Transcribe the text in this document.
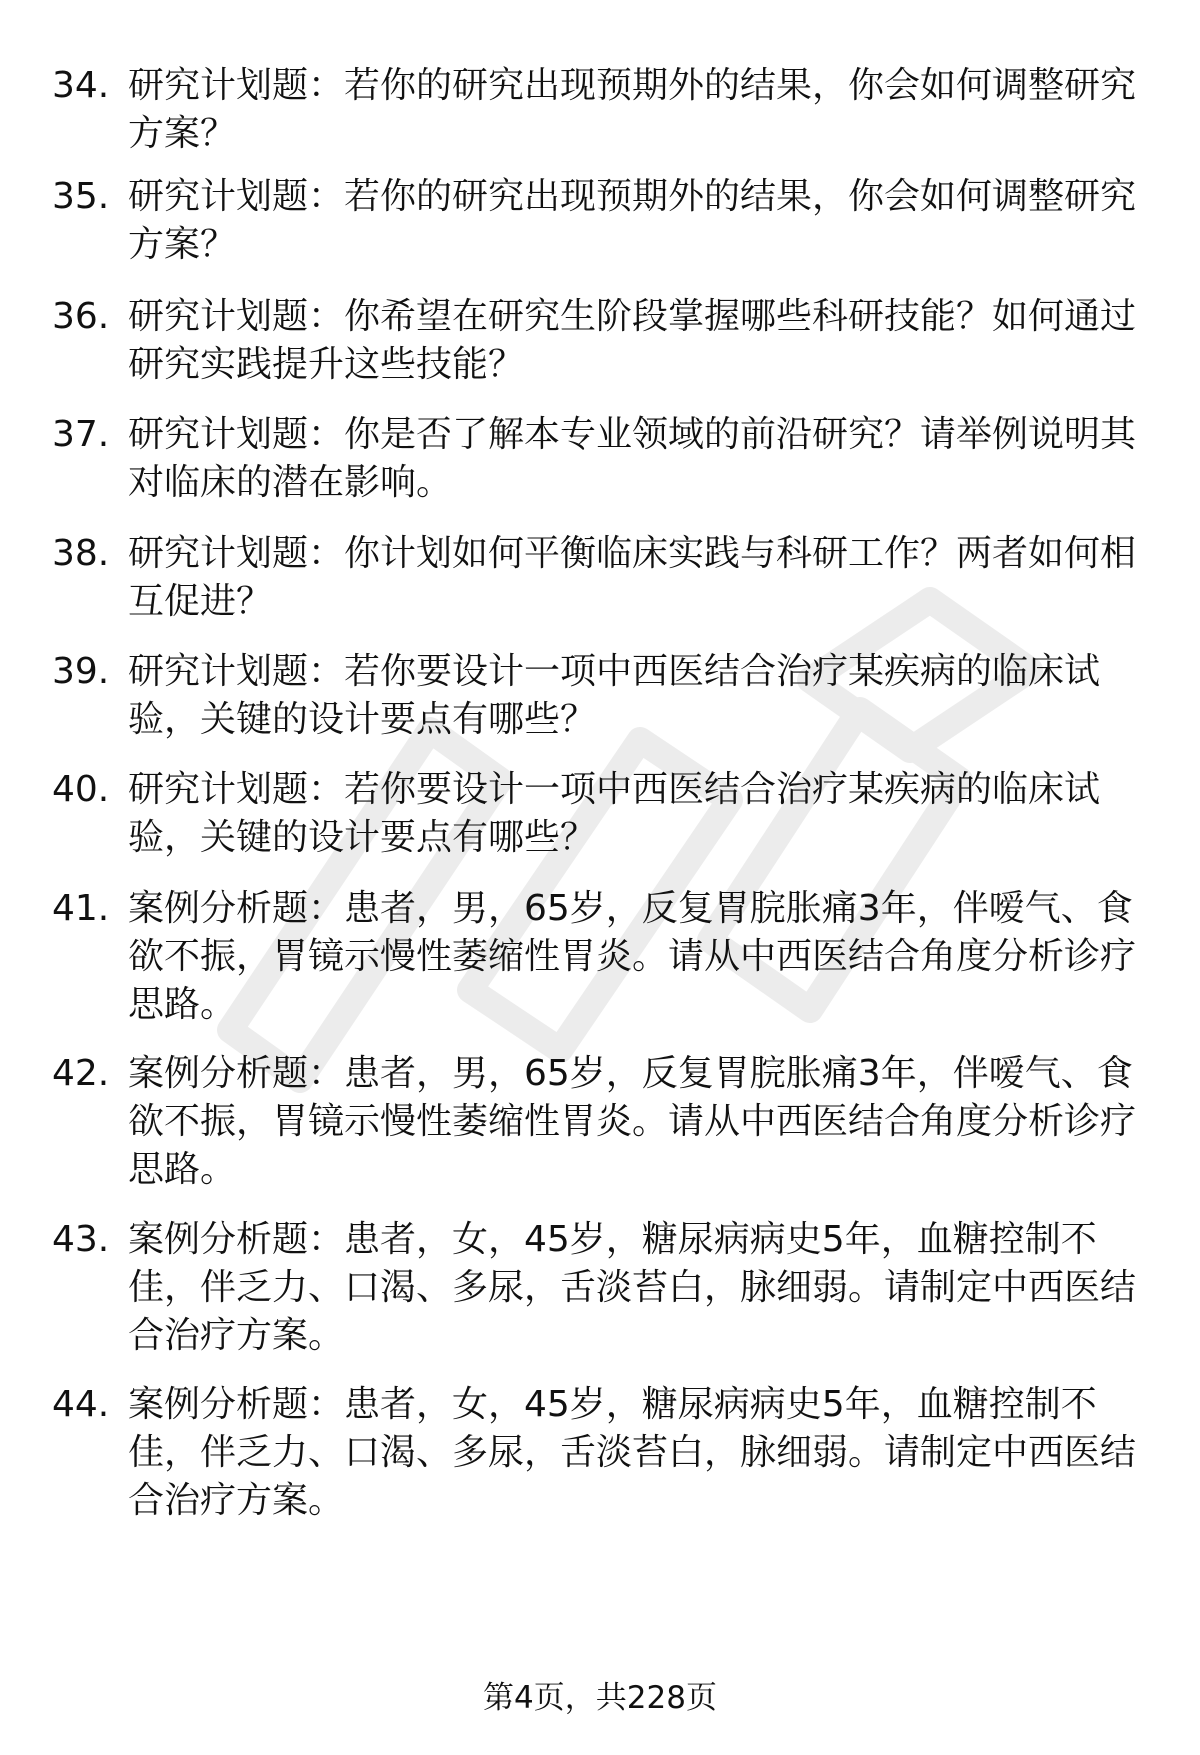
34. 研究计划题：若你的研究出现预期外的结果，你会如何调整研究
方案？
35. 研究计划题：若你的研究出现预期外的结果，你会如何调整研究
方案？
36. 研究计划题：你希望在研究生阶段掌握哪些科研技能？如何通过
研究实践提升这些技能？
37. 研究计划题：你是否了解本专业领域的前沿研究？请举例说明其
对临床的潜在影响。
38. 研究计划题：你计划如何平衡临床实践与科研工作？两者如何相
互促进？
39. 研究计划题：若你要设计一项中西医结合治疗某疾病的临床试
验，关键的设计要点有哪些？
40. 研究计划题：若你要设计一项中西医结合治疗某疾病的临床试
验，关键的设计要点有哪些？
41. 案例分析题：患者，男，65岁，反复胃脘胀痛3年，伴嗳气、食
欲不振，胃镜示慢性萎缩性胃炎。请从中西医结合角度分析诊疗
思路。
42. 案例分析题：患者，男，65岁，反复胃脘胀痛3年，伴嗳气、食
欲不振，胃镜示慢性萎缩性胃炎。请从中西医结合角度分析诊疗
思路。
43. 案例分析题：患者，女，45岁，糖尿病病史5年，血糖控制不
佳，伴乏力、口渴、多尿，舌淡苔白，脉细弱。请制定中西医结
合治疗方案。
44. 案例分析题：患者，女，45岁，糖尿病病史5年，血糖控制不
佳，伴乏力、口渴、多尿，舌淡苔白，脉细弱。请制定中西医结
合治疗方案。
第4页，共228页
